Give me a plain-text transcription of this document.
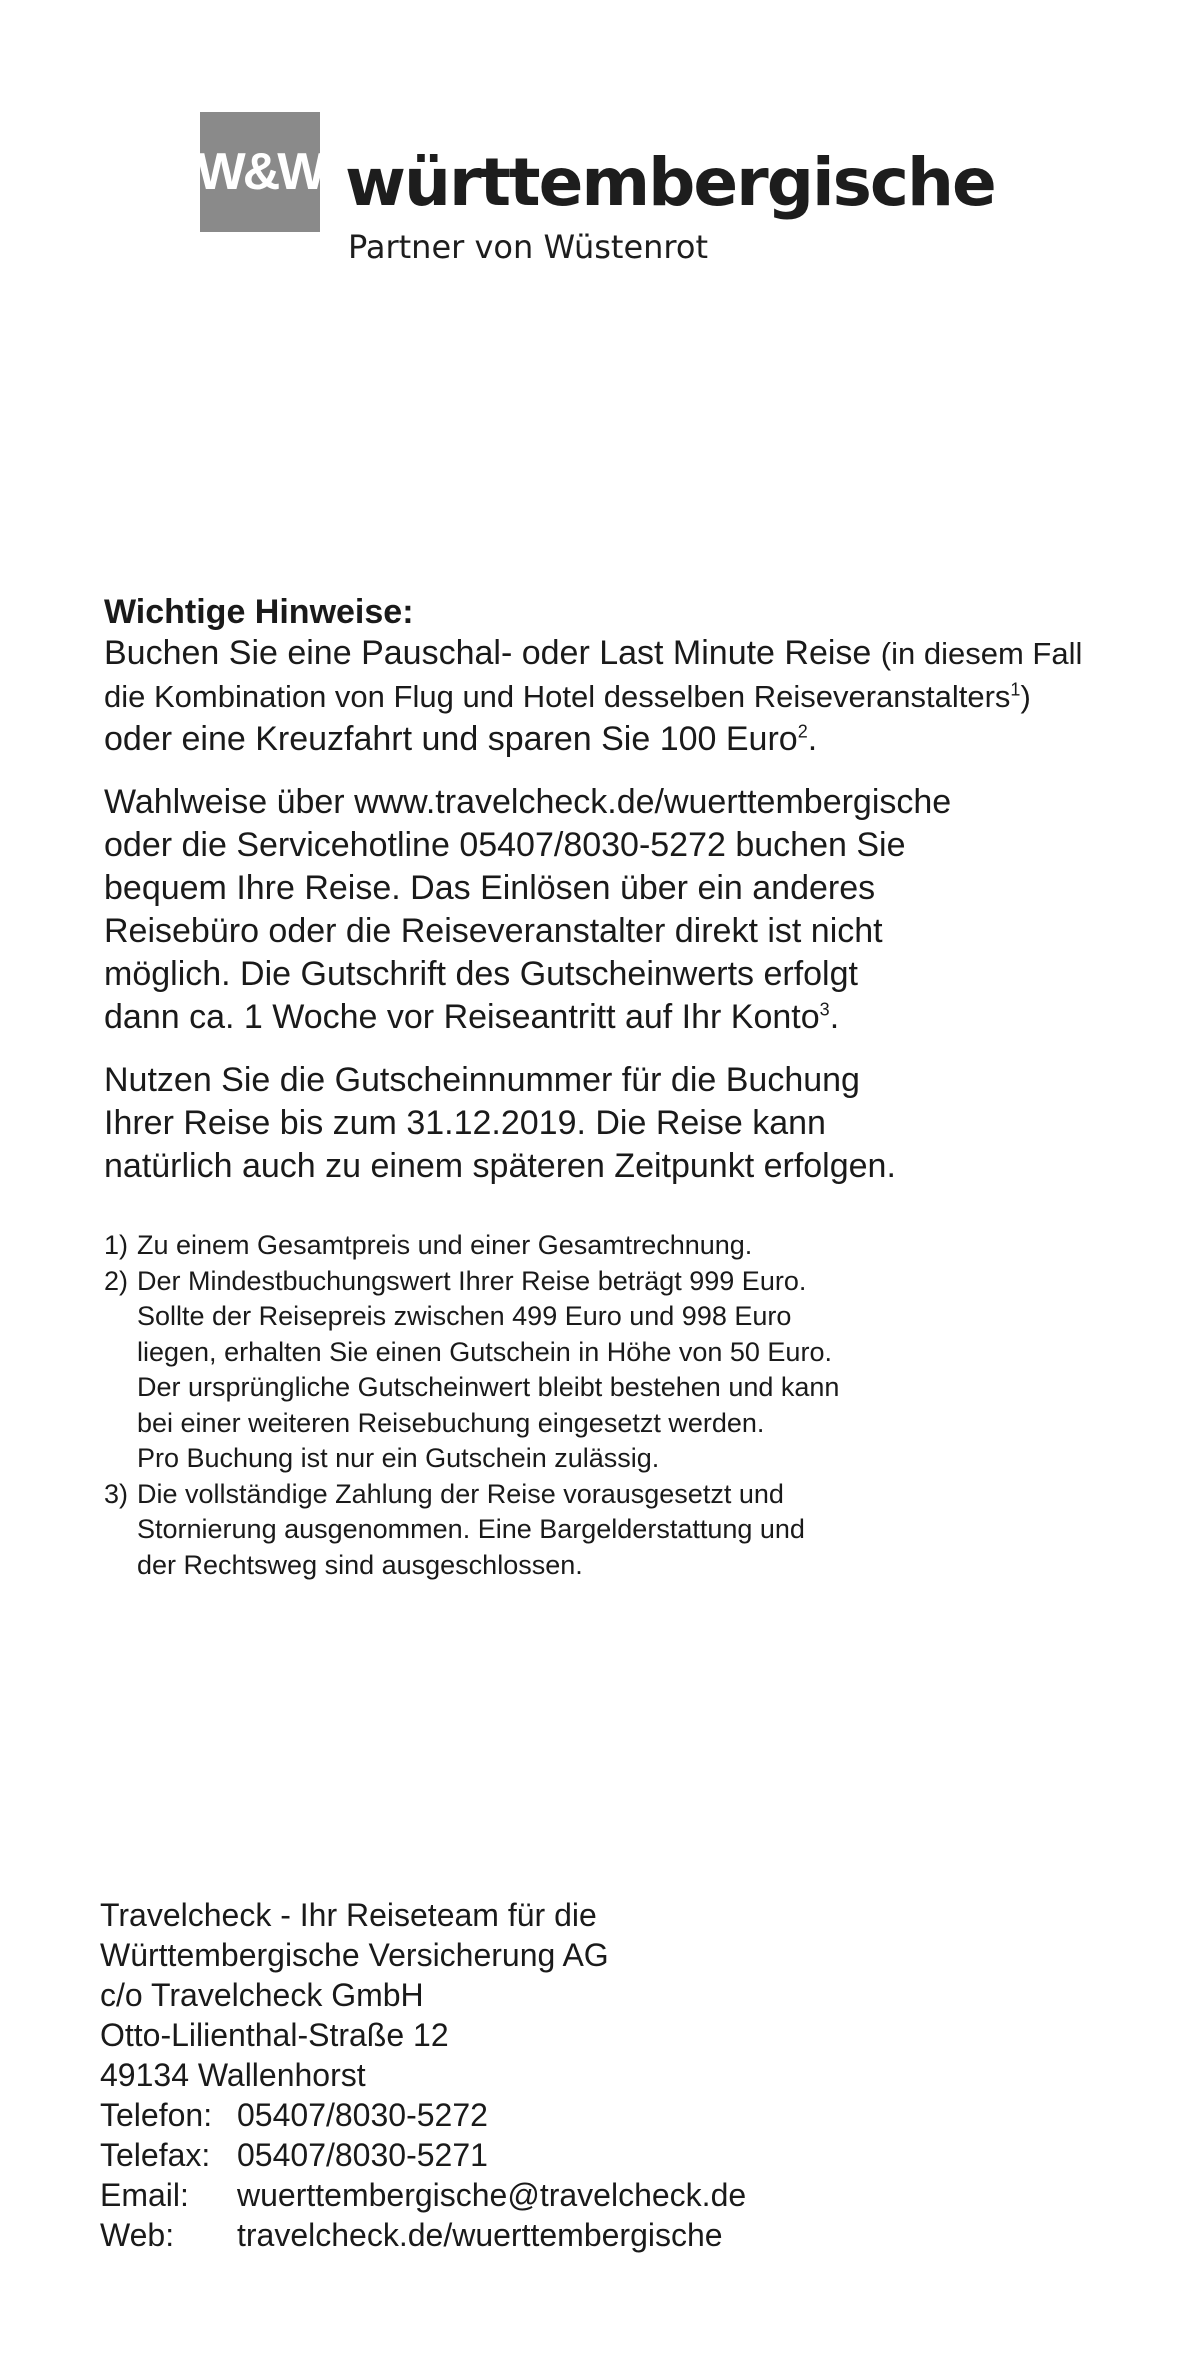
W&W württembergische
Partner von Wüstenrot
Wichtige Hinweise:

Buchen Sie eine Pauschal- oder Last Minute Reise (in diesem Fall
die Kombination von Flug und Hotel desselben Reiseveranstalters$^1$)
oder eine Kreuzfahrt und sparen Sie 100 Euro$^2$.

Wahlweise über www.travelcheck.de/wuerttembergische
oder die Servicehotline 05407/8030-5272 buchen Sie
bequem Ihre Reise. Das Einlösen über ein anderes
Reisebüro oder die Reiseveranstalter direkt ist nicht
möglich. Die Gutschrift des Gutscheinwerts erfolgt
dann ca. 1 Woche vor Reiseantritt auf Ihr Konto$^3$.

Nutzen Sie die Gutscheinnummer für die Buchung
Ihrer Reise bis zum 31.12.2019. Die Reise kann
natürlich auch zu einem späteren Zeitpunkt erfolgen.

1) Zu einem Gesamtpreis und einer Gesamtrechnung.
2) Der Mindestbuchungswert Ihrer Reise beträgt 999 Euro.
Sollte der Reisepreis zwischen 499 Euro und 998 Euro
liegen, erhalten Sie einen Gutschein in Höhe von 50 Euro.
Der ursprüngliche Gutscheinwert bleibt bestehen und kann
bei einer weiteren Reisebuchung eingesetzt werden.
Pro Buchung ist nur ein Gutschein zulässig.
3) Die vollständige Zahlung der Reise vorausgesetzt und
Stornierung ausgenommen. Eine Bargelderstattung und
der Rechtsweg sind ausgeschlossen.
Travelcheck - Ihr Reiseteam für die
Württembergische Versicherung AG
c/o Travelcheck GmbH
Otto-Lilienthal-Straße 12
49134 Wallenhorst
Telefon: 05407/8030-5272
Telefax: 05407/8030-5271
Email:	wuerttembergische@travelcheck.de
Web:	travelcheck.de/wuerttembergische
